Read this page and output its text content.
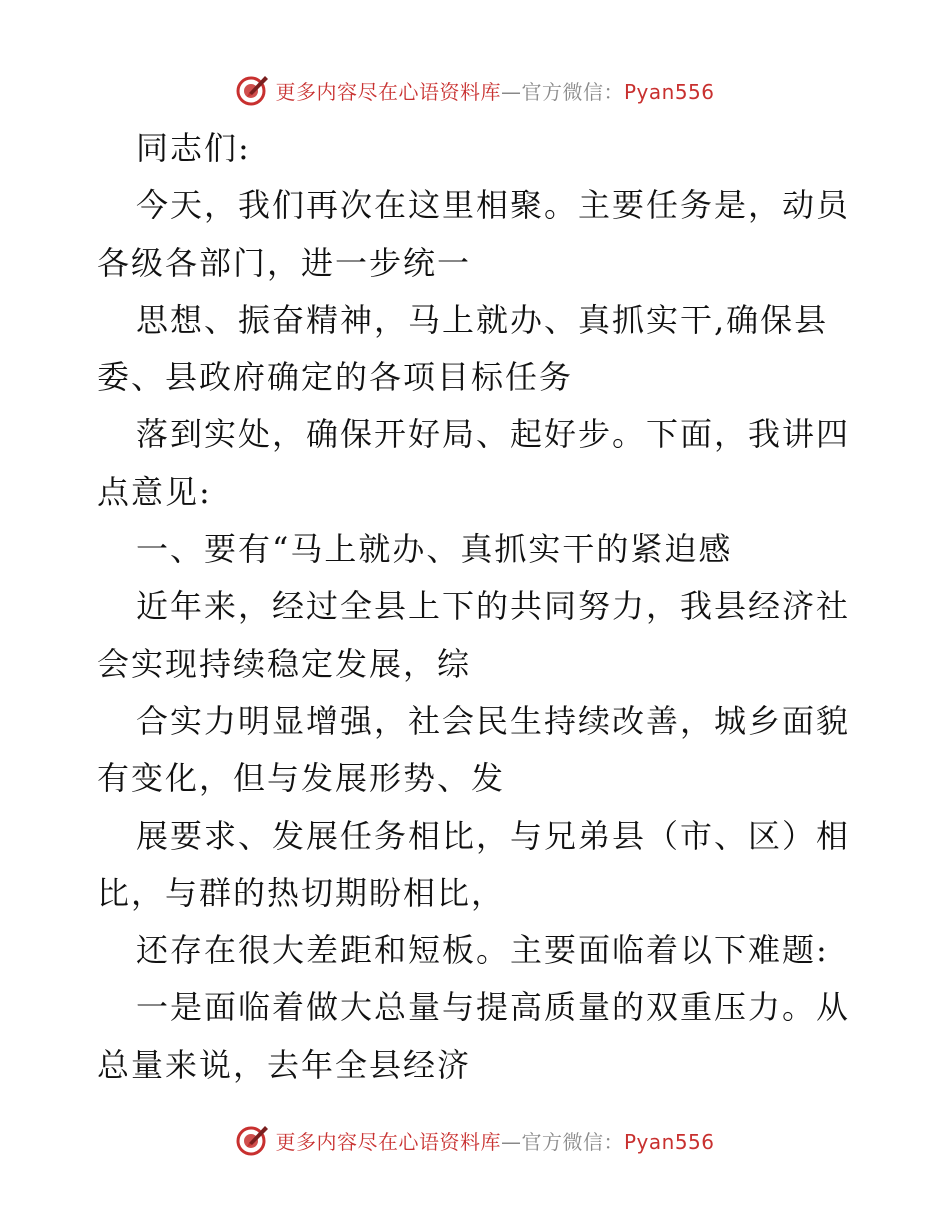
更多内容尽在心语资料库—官方微信：Pyan556
同志们:
今天，我们再次在这里相聚。主要任务是，动员
各级各部门，进一步统一
思想、振奋精神，马上就办、真抓实干,确保县
委、县政府确定的各项目标任务
落到实处，确保开好局、起好步。下面，我讲四
点意见:
一、要有“马上就办、真抓实干的紧迫感
近年来，经过全县上下的共同努力，我县经济社
会实现持续稳定发展，综
合实力明显增强，社会民生持续改善，城乡面貌
有变化，但与发展形势、发
展要求、发展任务相比，与兄弟县（市、区）相
比，与群的热切期盼相比，
还存在很大差距和短板。主要面临着以下难题:
一是面临着做大总量与提高质量的双重压力。从
总量来说，去年全县经济
更多内容尽在心语资料库—官方微信：Pyan556
